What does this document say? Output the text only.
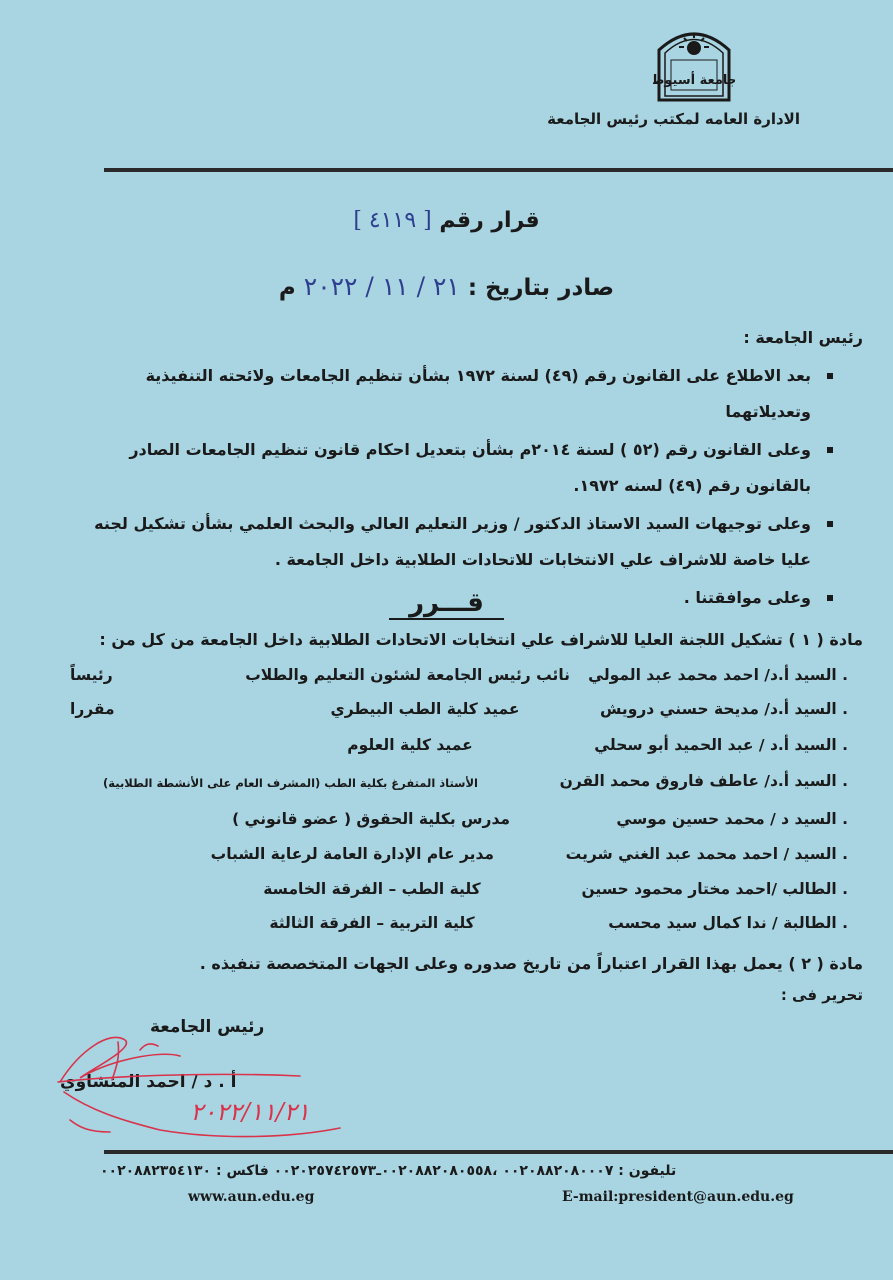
جامعة أسيوط
الادارة العامه لمكتب رئيس الجامعة
قرار رقم [ ٤١١٩ ]
صادر بتاريخ : ٢١ / ١١ / ٢٠٢٢ م
رئيس الجامعة :
بعد الاطلاع على القانون رقم (٤٩) لسنة ١٩٧٢ بشأن تنظيم الجامعات ولائحته التنفيذية وتعديلاتهما
وعلى القانون رقم (٥٢ ) لسنة ٢٠١٤م بشأن بتعديل احكام قانون تنظيم الجامعات الصادر بالقانون رقم (٤٩) لسنه ١٩٧٢.
وعلى توجيهات السيد الاستاذ الدكتور / وزير التعليم العالي والبحث العلمي بشأن تشكيل لجنه عليا خاصة للاشراف علي الانتخابات للاتحادات الطلابية داخل الجامعة .
وعلى موافقتنا .
قـــرر
مادة ( ١ ) تشكيل اللجنة العليا للاشراف علي انتخابات الاتحادات الطلابية داخل الجامعة من كل من :
. السيد أ.د/ احمد محمد عبد المولي
نائب رئيس الجامعة لشئون التعليم والطلاب
رئيساً
. السيد أ.د/ مديحة حسني درويش
عميد كلية الطب البيطري
مقررا
. السيد أ.د / عبد الحميد أبو سحلي
عميد كلية العلوم
. السيد أ.د/ عاطف فاروق محمد القرن
الأستاذ المتفرغ بكلية الطب (المشرف العام على الأنشطة الطلابية)
. السيد د / محمد حسين موسي
مدرس بكلية الحقوق ( عضو قانوني )
. السيد / احمد محمد عبد الغني شريت
مدير عام الإدارة العامة لرعاية الشباب
. الطالب /احمد مختار محمود حسين
كلية الطب – الفرقة الخامسة
. الطالبة / ندا كمال سيد محسب
كلية التربية – الفرقة الثالثة
مادة ( ٢ ) يعمل بهذا القرار اعتباراً من تاريخ صدوره وعلى الجهات المتخصصة تنفيذه .
تحرير فى :
رئيس الجامعة
أ . د / احمد المنشاوي
٢٠٢٢/١١/٢١
تليفون : ٠٠٢٠٨٨٢٠٨٠٠٠٧ ،٠٠٢٠٨٨٢٠٨٠٥٥٨ـ٠٠٢٠٢٥٧٤٢٥٧٣ فاكس : ٠٠٢٠٨٨٢٣٥٤١٣٠
www.aun.edu.eg	E-mail:president@aun.edu.eg
